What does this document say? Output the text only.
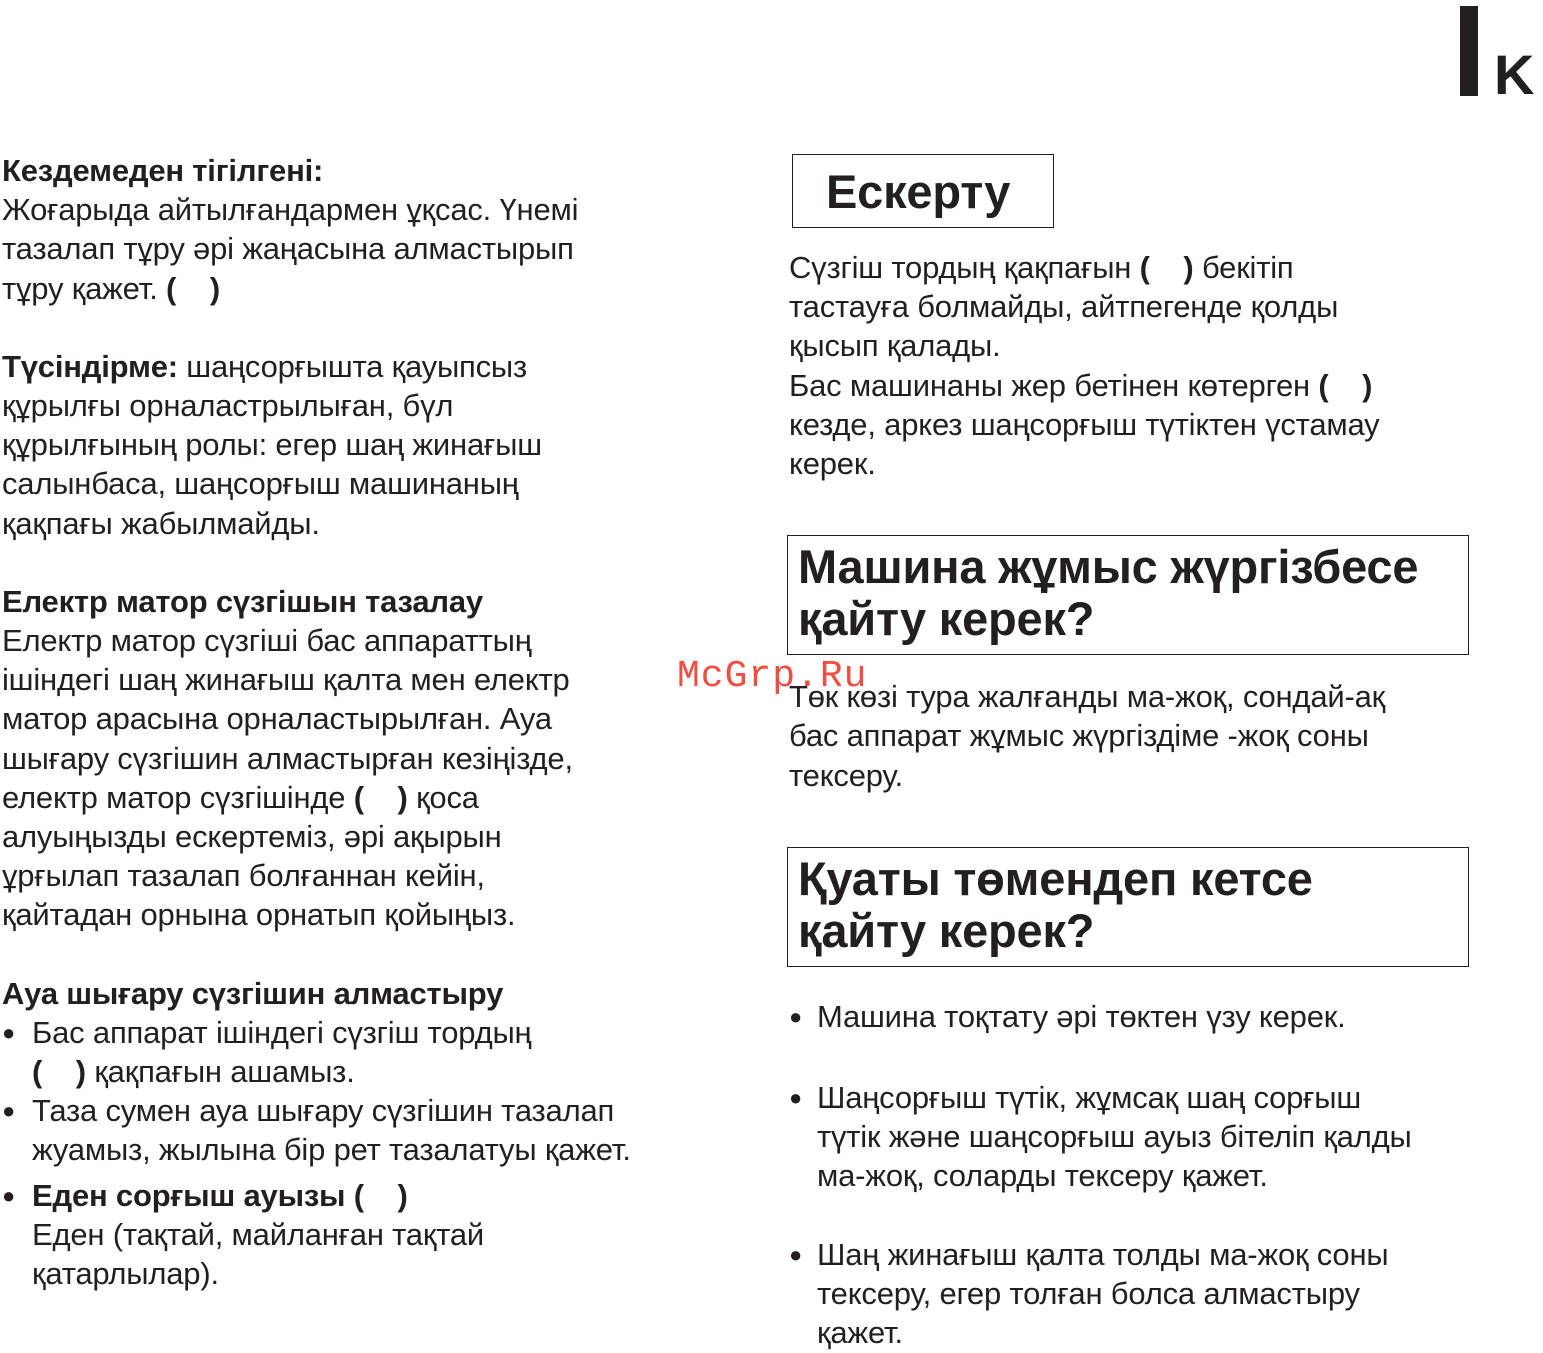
K

Кездемеден тігілгені:

Жоғарыда айтылғандармен ұқсас. Үнемі

тазалап тұру әрі жаңасына алмастырып

тұру қажет. (    )

Түсіндірме: шаңсорғышта қауыпсыз

құрылғы орналастрылыған, бүл

құрылғының ролы: егер шаң жинағыш

салынбаса, шаңсорғыш машинаның

қақпағы жабылмайды.

Електр матор сүзгішын тазалау

Електр матор сүзгіші бас аппараттың

ішіндегі шаң жинағыш қалта мен електр

матор арасына орналастырылған. Ауа

шығару сүзгішин алмастырған кезіңізде,

електр матор сүзгішінде (    ) қоса

алуыңызды ескертеміз, әрі ақырын

ұрғылап тазалап болғаннан кейін,

қайтадан орнына орнатып қойыңыз.

Ауа шығару сүзгішин алмастыру

●

Бас аппарат ішіндегі сүзгіш тордың

(    ) қақпағын ашамыз.

●

Таза сумен ауа шығару сүзгішин тазалап

жуамыз, жылына бір рет тазалатуы қажет.

●

Еден сорғыш ауызы (    )

Еден (тақтай, майланған тақтай

қатарлылар).

Ескерту

Сүзгіш тордың қақпағын (    ) бекітіп

тастауға болмайды, айтпегенде қолды

қысып қалады.

Бас машинаны жер бетінен көтерген (    )

кезде, аркез шаңсорғыш түтіктен үстамау

керек.

Машина жұмыс жүргізбесе
қайту керек?

Төк көзі тура жалғанды ма-жоқ, сондай-ақ

бас аппарат жұмыс жүргіздіме -жоқ соны

тексеру.

Қуаты төмендеп кетсе
қайту керек?
●

Машина тоқтату әрі төктен үзу керек.

●

Шаңсорғыш түтік, жұмсақ шаң сорғыш

түтік және шаңсорғыш ауыз бітеліп қалды

ма-жоқ, соларды тексеру қажет.

●

Шаң жинағыш қалта толды ма-жоқ соны

тексеру, егер толған болса алмастыру

қажет.

McGrp.Ru
